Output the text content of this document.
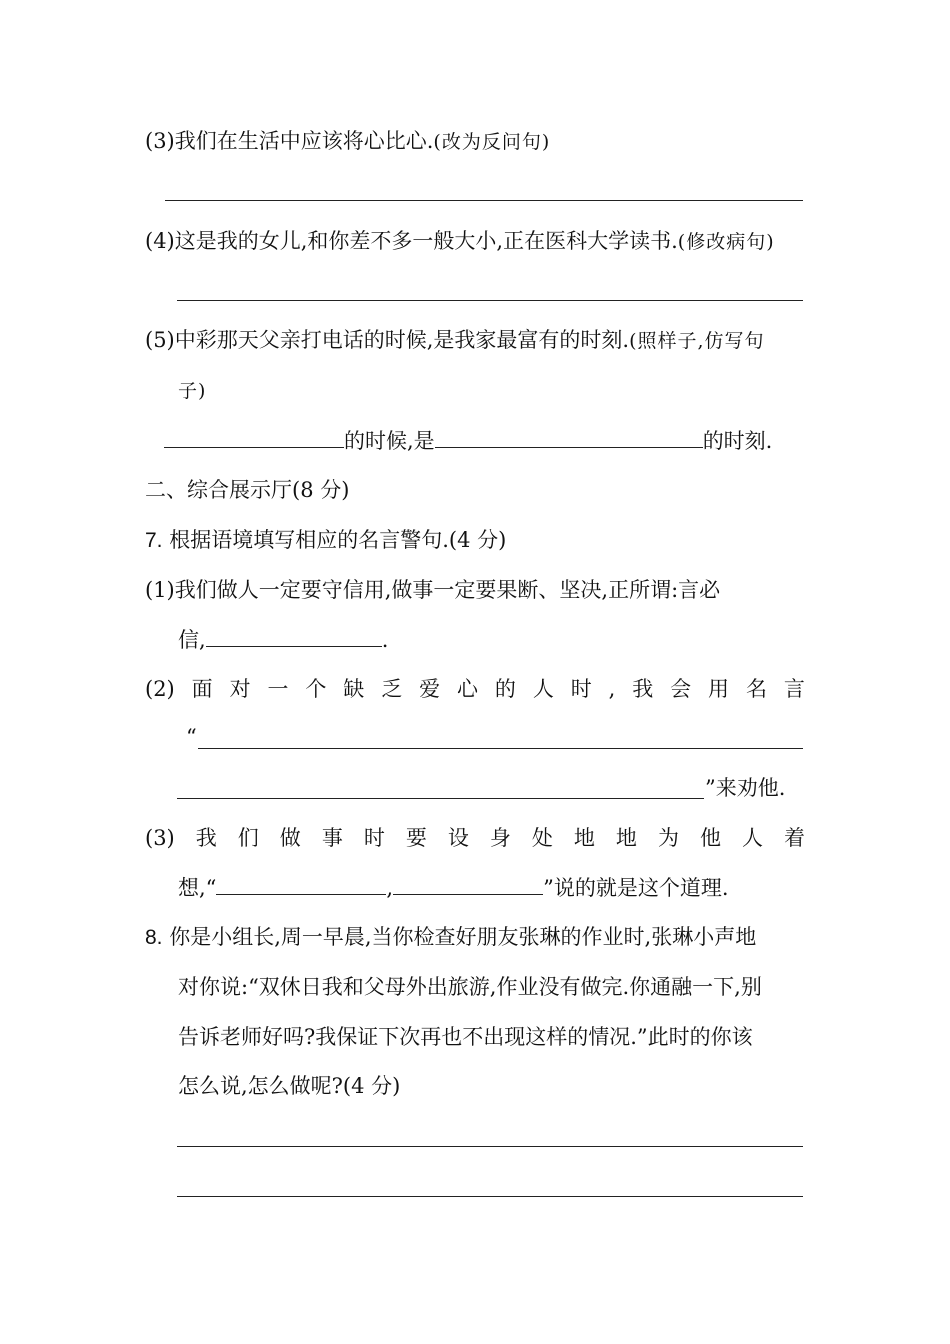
(3)我们在生活中应该将心比心.(改为反问句)
(4)这是我的女儿,和你差不多一般大小,正在医科大学读书.(修改病句)
(5)中彩那天父亲打电话的时候,是我家最富有的时刻.(照样子,仿写句
子)
的时候,是	的时刻.
二、综合展示厅(8 分)
7. 根据语境填写相应的名言警句.(4 分)
(1)我们做人一定要守信用,做事一定要果断、坚决,正所谓:言必
信,	.
(2) 面 对 一 个 缺 乏 爱 心 的 人 时 , 我 会 用 名 言
“
”来劝他.
(3) 我 们 做 事 时 要 设 身 处 地 地 为 他 人 着
想,“	,	”说的就是这个道理.
8. 你是小组长,周一早晨,当你检查好朋友张琳的作业时,张琳小声地
对你说:“双休日我和父母外出旅游,作业没有做完.你通融一下,别
告诉老师好吗?我保证下次再也不出现这样的情况.”此时的你该
怎么说,怎么做呢?(4 分)
